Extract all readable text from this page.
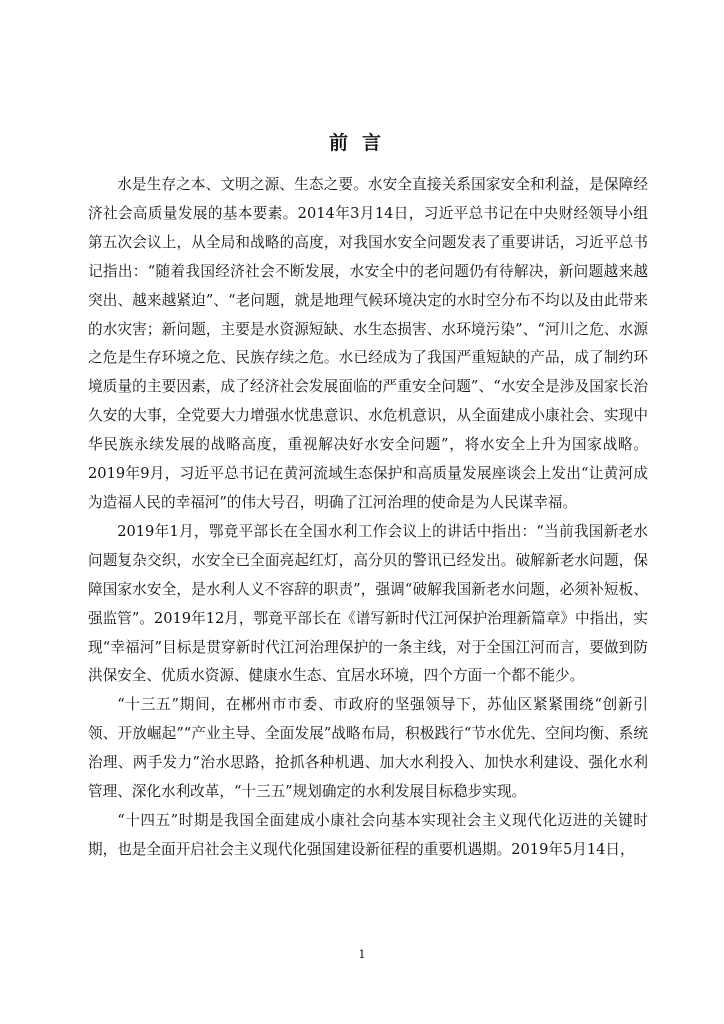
前言

水是生存之本、文明之源、生态之要。水安全直接关系国家安全和利益，是保障经济社会高质量发展的基本要素。2014年3月14日，习近平总书记在中央财经领导小组第五次会议上，从全局和战略的高度，对我国水安全问题发表了重要讲话，习近平总书记指出：“随着我国经济社会不断发展，水安全中的老问题仍有待解决，新问题越来越突出、越来越紧迫”、“老问题，就是地理气候环境决定的水时空分布不均以及由此带来的水灾害；新问题，主要是水资源短缺、水生态损害、水环境污染”、“河川之危、水源之危是生存环境之危、民族存续之危。水已经成为了我国严重短缺的产品，成了制约环境质量的主要因素，成了经济社会发展面临的严重安全问题”、“水安全是涉及国家长治久安的大事，全党要大力增强水忧患意识、水危机意识，从全面建成小康社会、实现中华民族永续发展的战略高度，重视解决好水安全问题”，将水安全上升为国家战略。2019年9月，习近平总书记在黄河流域生态保护和高质量发展座谈会上发出“让黄河成为造福人民的幸福河”的伟大号召，明确了江河治理的使命是为人民谋幸福。

2019年1月，鄂竟平部长在全国水利工作会议上的讲话中指出：“当前我国新老水问题复杂交织，水安全已全面亮起红灯，高分贝的警讯已经发出。破解新老水问题，保障国家水安全，是水利人义不容辞的职责”，强调“破解我国新老水问题，必须补短板、强监管”。2019年12月，鄂竟平部长在《谱写新时代江河保护治理新篇章》中指出，实现“幸福河”目标是贯穿新时代江河治理保护的一条主线，对于全国江河而言，要做到防洪保安全、优质水资源、健康水生态、宜居水环境，四个方面一个都不能少。

“十三五”期间，在郴州市市委、市政府的坚强领导下，苏仙区紧紧围绕“创新引领、开放崛起”“产业主导、全面发展”战略布局，积极践行“节水优先、空间均衡、系统治理、两手发力”治水思路，抢抓各种机遇、加大水利投入、加快水利建设、强化水利管理、深化水利改革，“十三五”规划确定的水利发展目标稳步实现。

“十四五”时期是我国全面建成小康社会向基本实现社会主义现代化迈进的关键时期，也是全面开启社会主义现代化强国建设新征程的重要机遇期。2019年5月14日，

1
